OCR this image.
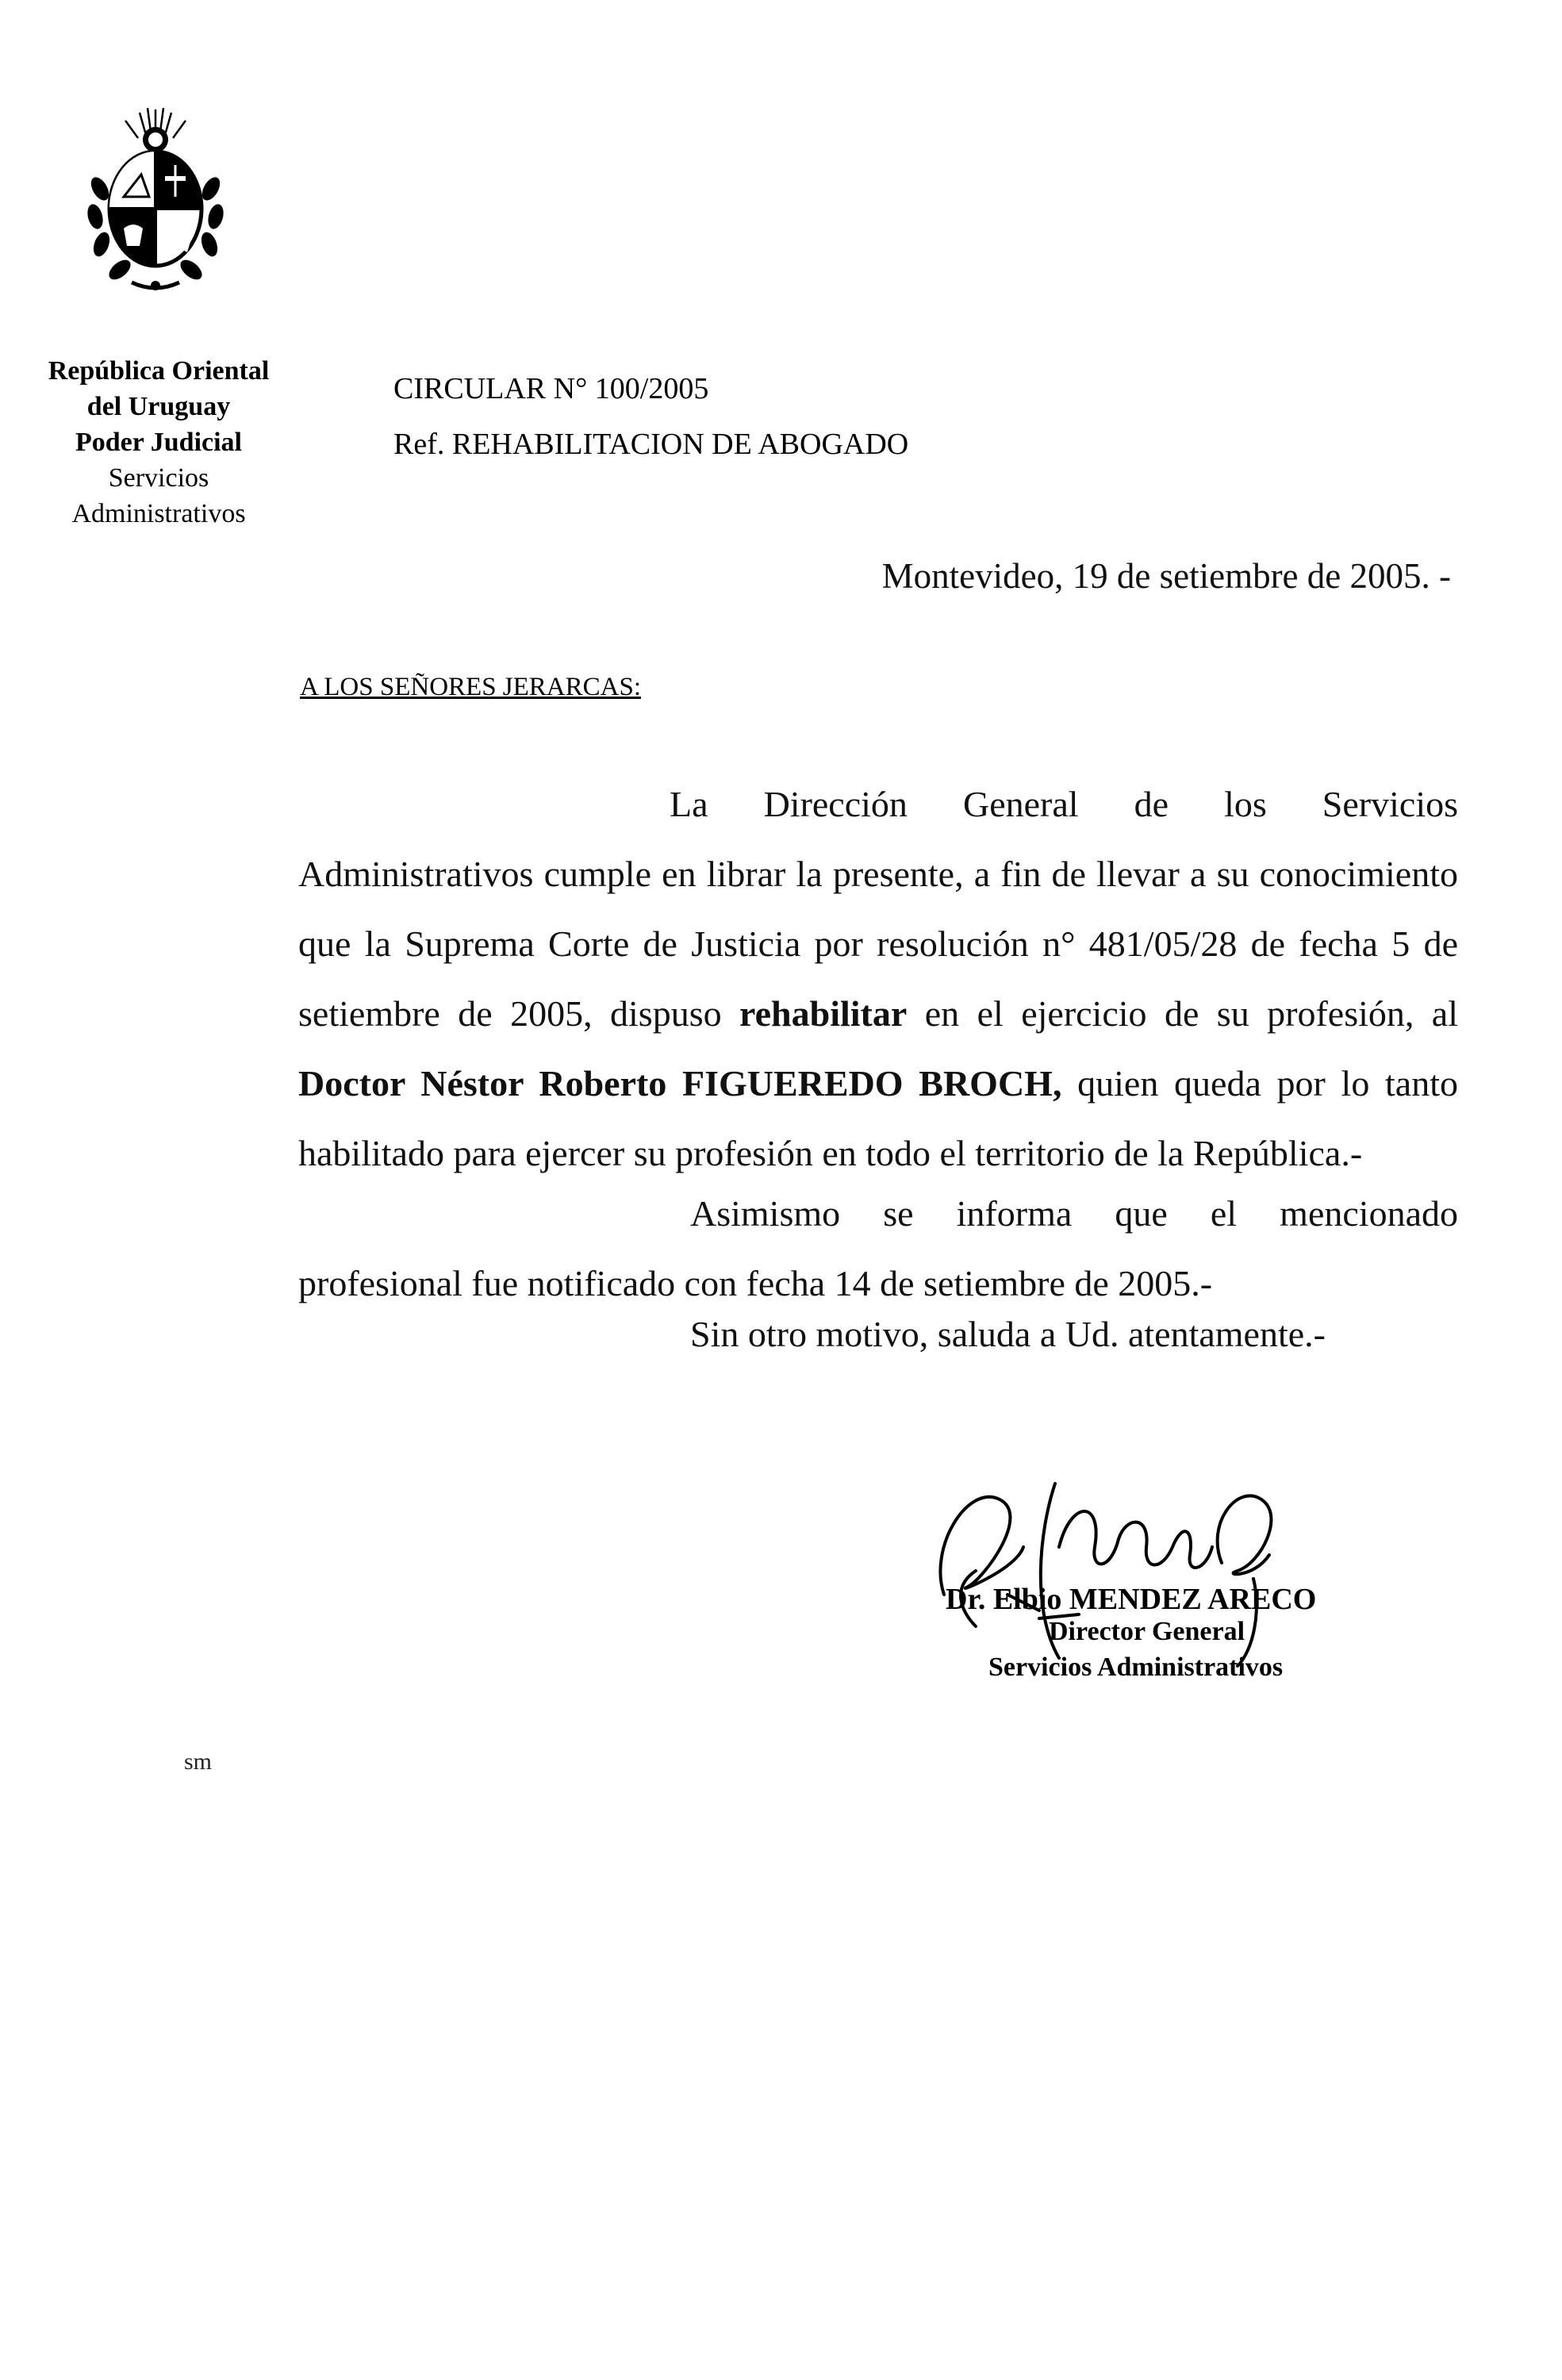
República Oriental
del Uruguay
Poder Judicial
Servicios
Administrativos
CIRCULAR N° 100/2005
Ref. REHABILITACION DE ABOGADO
Montevideo, 19 de setiembre de 2005. -
A LOS SEÑORES JERARCAS:
La Dirección General de los Servicios Administrativos cumple en librar la presente, a fin de llevar a su conocimiento que la Suprema Corte de Justicia por resolución n° 481/05/28 de fecha 5 de setiembre de 2005, dispuso rehabilitar en el ejercicio de su profesión, al Doctor Néstor Roberto FIGUEREDO BROCH, quien queda por lo tanto habilitado para ejercer su profesión en todo el territorio de la República.-
Asimismo se informa que el mencionado profesional fue notificado con fecha 14 de setiembre de 2005.-
Sin otro motivo, saluda a Ud. atentamente.-
Dr. Elbio MENDEZ ARECO
Director General
Servicios Administrativos
sm
